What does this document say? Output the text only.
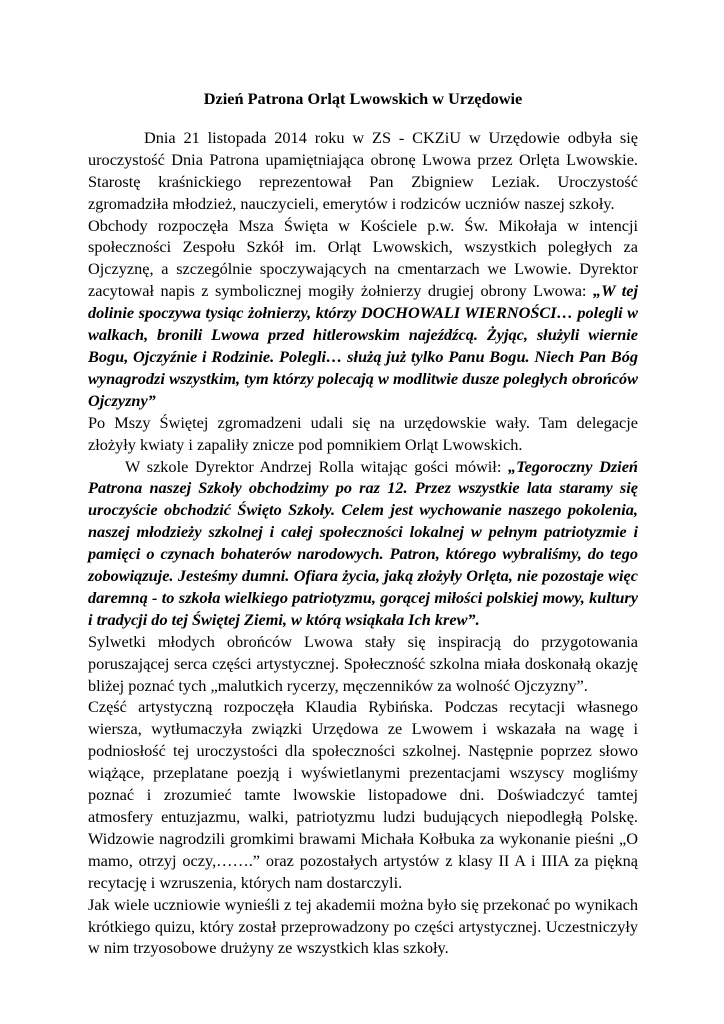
Dzień Patrona Orląt Lwowskich w Urzędowie

Dnia 21 listopada 2014 roku w ZS - CKZiU w Urzędowie odbyła się uroczystość Dnia Patrona upamiętniająca obronę Lwowa przez Orlęta Lwowskie. Starostę kraśnickiego reprezentował Pan Zbigniew Leziak. Uroczystość zgromadziła młodzież, nauczycieli, emerytów i rodziców uczniów naszej szkoły.

Obchody rozpoczęła Msza Święta w Kościele p.w. Św. Mikołaja w intencji społeczności Zespołu Szkół im. Orląt Lwowskich, wszystkich poległych za Ojczyznę, a szczególnie spoczywających na cmentarzach we Lwowie. Dyrektor zacytował napis z symbolicznej mogiły żołnierzy drugiej obrony Lwowa: „W tej dolinie spoczywa tysiąc żołnierzy, którzy DOCHOWALI WIERNOŚCI… polegli w walkach, bronili Lwowa przed hitlerowskim najeźdźcą. Żyjąc, służyli wiernie Bogu, Ojczyźnie i Rodzinie. Polegli… służą już tylko Panu Bogu. Niech Pan Bóg wynagrodzi wszystkim, tym którzy polecają w modlitwie dusze poległych obrońców Ojczyzny”

Po Mszy Świętej zgromadzeni udali się na urzędowskie wały. Tam delegacje złożyły kwiaty i zapaliły znicze pod pomnikiem Orląt Lwowskich.

W szkole Dyrektor Andrzej Rolla witając gości mówił: „Tegoroczny Dzień Patrona naszej Szkoły obchodzimy po raz 12. Przez wszystkie lata staramy się uroczyście obchodzić Święto Szkoły. Celem jest wychowanie naszego pokolenia, naszej młodzieży szkolnej i całej społeczności lokalnej w pełnym patriotyzmie i pamięci o czynach bohaterów narodowych. Patron, którego wybraliśmy, do tego zobowiązuje. Jesteśmy dumni. Ofiara życia, jaką złożyły Orlęta, nie pozostaje więc daremną - to szkoła wielkiego patriotyzmu, gorącej miłości polskiej mowy, kultury i tradycji do tej Świętej Ziemi, w którą wsiąkała Ich krew”.

Sylwetki młodych obrońców Lwowa stały się inspiracją do przygotowania poruszającej serca części artystycznej. Społeczność szkolna miała doskonałą okazję bliżej poznać tych „malutkich rycerzy, męczenników za wolność Ojczyzny”.

Część artystyczną rozpoczęła Klaudia Rybińska. Podczas recytacji własnego wiersza, wytłumaczyła związki Urzędowa ze Lwowem i wskazała na wagę i podniosłość tej uroczystości dla społeczności szkolnej. Następnie poprzez słowo wiążące, przeplatane poezją i wyświetlanymi prezentacjami wszyscy mogliśmy poznać i zrozumieć tamte lwowskie listopadowe dni. Doświadczyć tamtej atmosfery entuzjazmu, walki, patriotyzmu ludzi budujących niepodległą Polskę. Widzowie nagrodzili gromkimi brawami Michała Kołbuka za wykonanie pieśni „O mamo, otrzyj oczy,…….” oraz pozostałych artystów z klasy II A i IIIA za piękną recytację i wzruszenia, których nam dostarczyli.

Jak wiele uczniowie wynieśli z tej akademii można było się przekonać po wynikach krótkiego quizu, który został przeprowadzony po części artystycznej. Uczestniczyły w nim trzyosobowe drużyny ze wszystkich klas szkoły.
